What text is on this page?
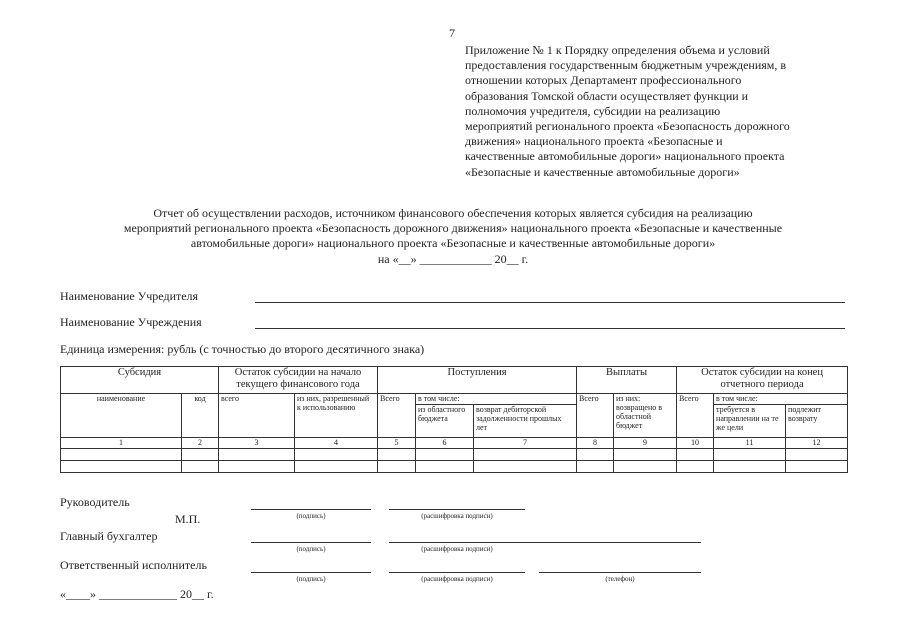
7
Приложение № 1 к Порядку определения объема и условий
предоставления государственным бюджетным учреждениям, в
отношении которых Департамент профессионального
образования Томской области осуществляет функции и
полномочия учредителя, субсидии на реализацию
мероприятий регионального проекта «Безопасность дорожного
движения» национального проекта «Безопасные и
качественные автомобильные дороги» национального проекта
«Безопасные и качественные автомобильные дороги»
Отчет об осуществлении расходов, источником финансового обеспечения которых является субсидия на реализацию
мероприятий регионального проекта «Безопасность дорожного движения» национального проекта «Безопасные и качественные
автомобильные дороги» национального проекта «Безопасные и качественные автомобильные дороги»
на «__» ____________ 20__ г.
Наименование Учредителя
Наименование Учреждения
Единица измерения: рубль (с точностью до второго десятичного знака)
Субсидия		Остаток субсидии на начало текущего финансового года		Поступления			Выплаты		Остаток субсидии на конец отчетного периода		
наименование	код	всего	из них, разрешенный к использованию	Всего	в том числе:		Всего	из них: возвращено в областной бюджет	Всего	в том числе:	
					из областного бюджета	возврат дебиторской задолженности прошлых лет				требуется в направлении на те же цели	подлежит возврату
1	2	3	4	5	6	7	8	9	10	11	12

Руководитель
М.П.	(подпись)	(расшифровка подписи)
Главный бухгалтер
(подпись)	(расшифровка подписи)
Ответственный исполнитель
(подпись)	(расшифровка подписи)	(телефон)
«____» _____________ 20__ г.
